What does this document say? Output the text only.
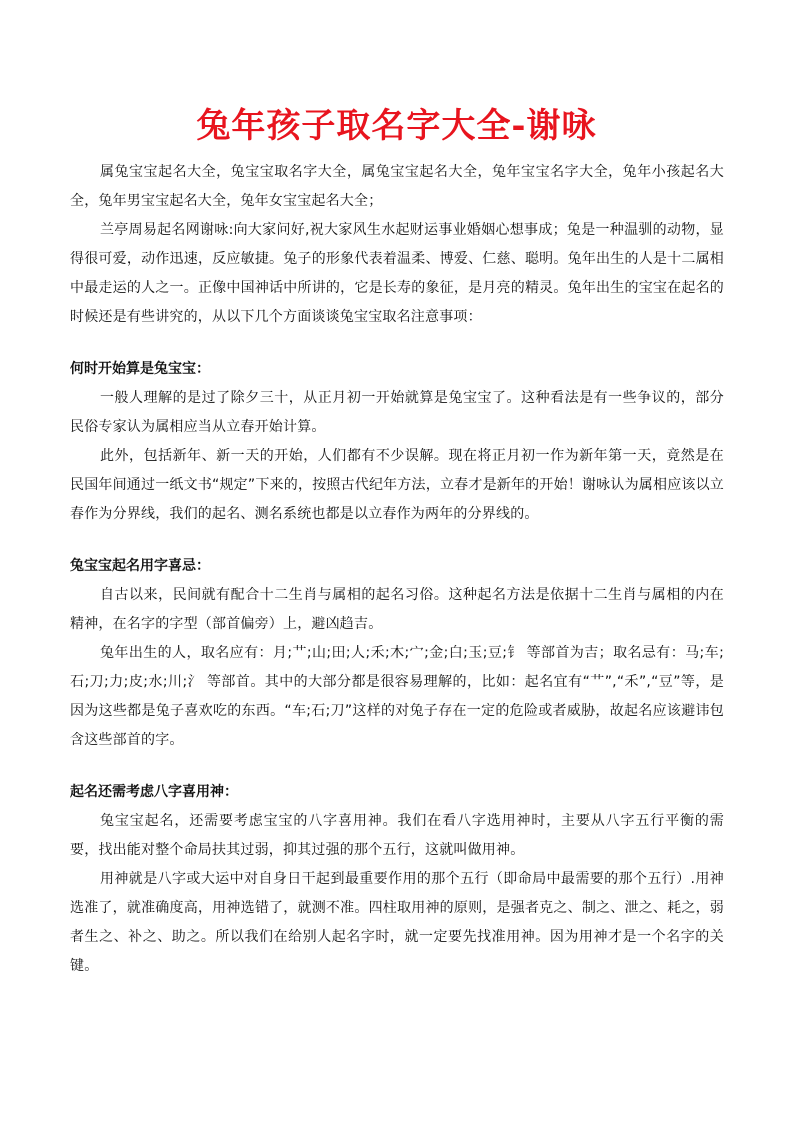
兔年孩子取名字大全-谢咏

属兔宝宝起名大全，兔宝宝取名字大全，属兔宝宝起名大全，兔年宝宝名字大全，兔年小孩起名大全，兔年男宝宝起名大全，兔年女宝宝起名大全；

兰亭周易起名网谢咏:向大家问好,祝大家风生水起财运事业婚姻心想事成；兔是一种温驯的动物，显得很可爱，动作迅速，反应敏捷。兔子的形象代表着温柔、博爱、仁慈、聪明。兔年出生的人是十二属相中最走运的人之一。正像中国神话中所讲的，它是长寿的象征，是月亮的精灵。兔年出生的宝宝在起名的时候还是有些讲究的，从以下几个方面谈谈兔宝宝取名注意事项：

何时开始算是兔宝宝：

一般人理解的是过了除夕三十，从正月初一开始就算是兔宝宝了。这种看法是有一些争议的，部分民俗专家认为属相应当从立春开始计算。

此外，包括新年、新一天的开始，人们都有不少误解。现在将正月初一作为新年第一天，竟然是在民国年间通过一纸文书“规定”下来的，按照古代纪年方法，立春才是新年的开始！谢咏认为属相应该以立春作为分界线，我们的起名、测名系统也都是以立春作为两年的分界线的。

兔宝宝起名用字喜忌：

自古以来，民间就有配合十二生肖与属相的起名习俗。这种起名方法是依据十二生肖与属相的内在精神，在名字的字型（部首偏旁）上，避凶趋吉。

兔年出生的人，取名应有：月;艹;山;田;人;禾;木;宀;金;白;玉;豆;钅 等部首为吉；取名忌有：马;车;石;刀;力;皮;水;川;氵 等部首。其中的大部分都是很容易理解的，比如：起名宜有“艹”,“禾”,“豆”等，是因为这些都是兔子喜欢吃的东西。“车;石;刀”这样的对兔子存在一定的危险或者威胁，故起名应该避讳包含这些部首的字。

起名还需考虑八字喜用神：

兔宝宝起名，还需要考虑宝宝的八字喜用神。我们在看八字选用神时，主要从八字五行平衡的需要，找出能对整个命局扶其过弱，抑其过强的那个五行，这就叫做用神。

用神就是八字或大运中对自身日干起到最重要作用的那个五行（即命局中最需要的那个五行）.用神选准了，就准确度高，用神选错了，就测不准。四柱取用神的原则，是强者克之、制之、泄之、耗之，弱者生之、补之、助之。所以我们在给别人起名字时，就一定要先找准用神。因为用神才是一个名字的关键。
